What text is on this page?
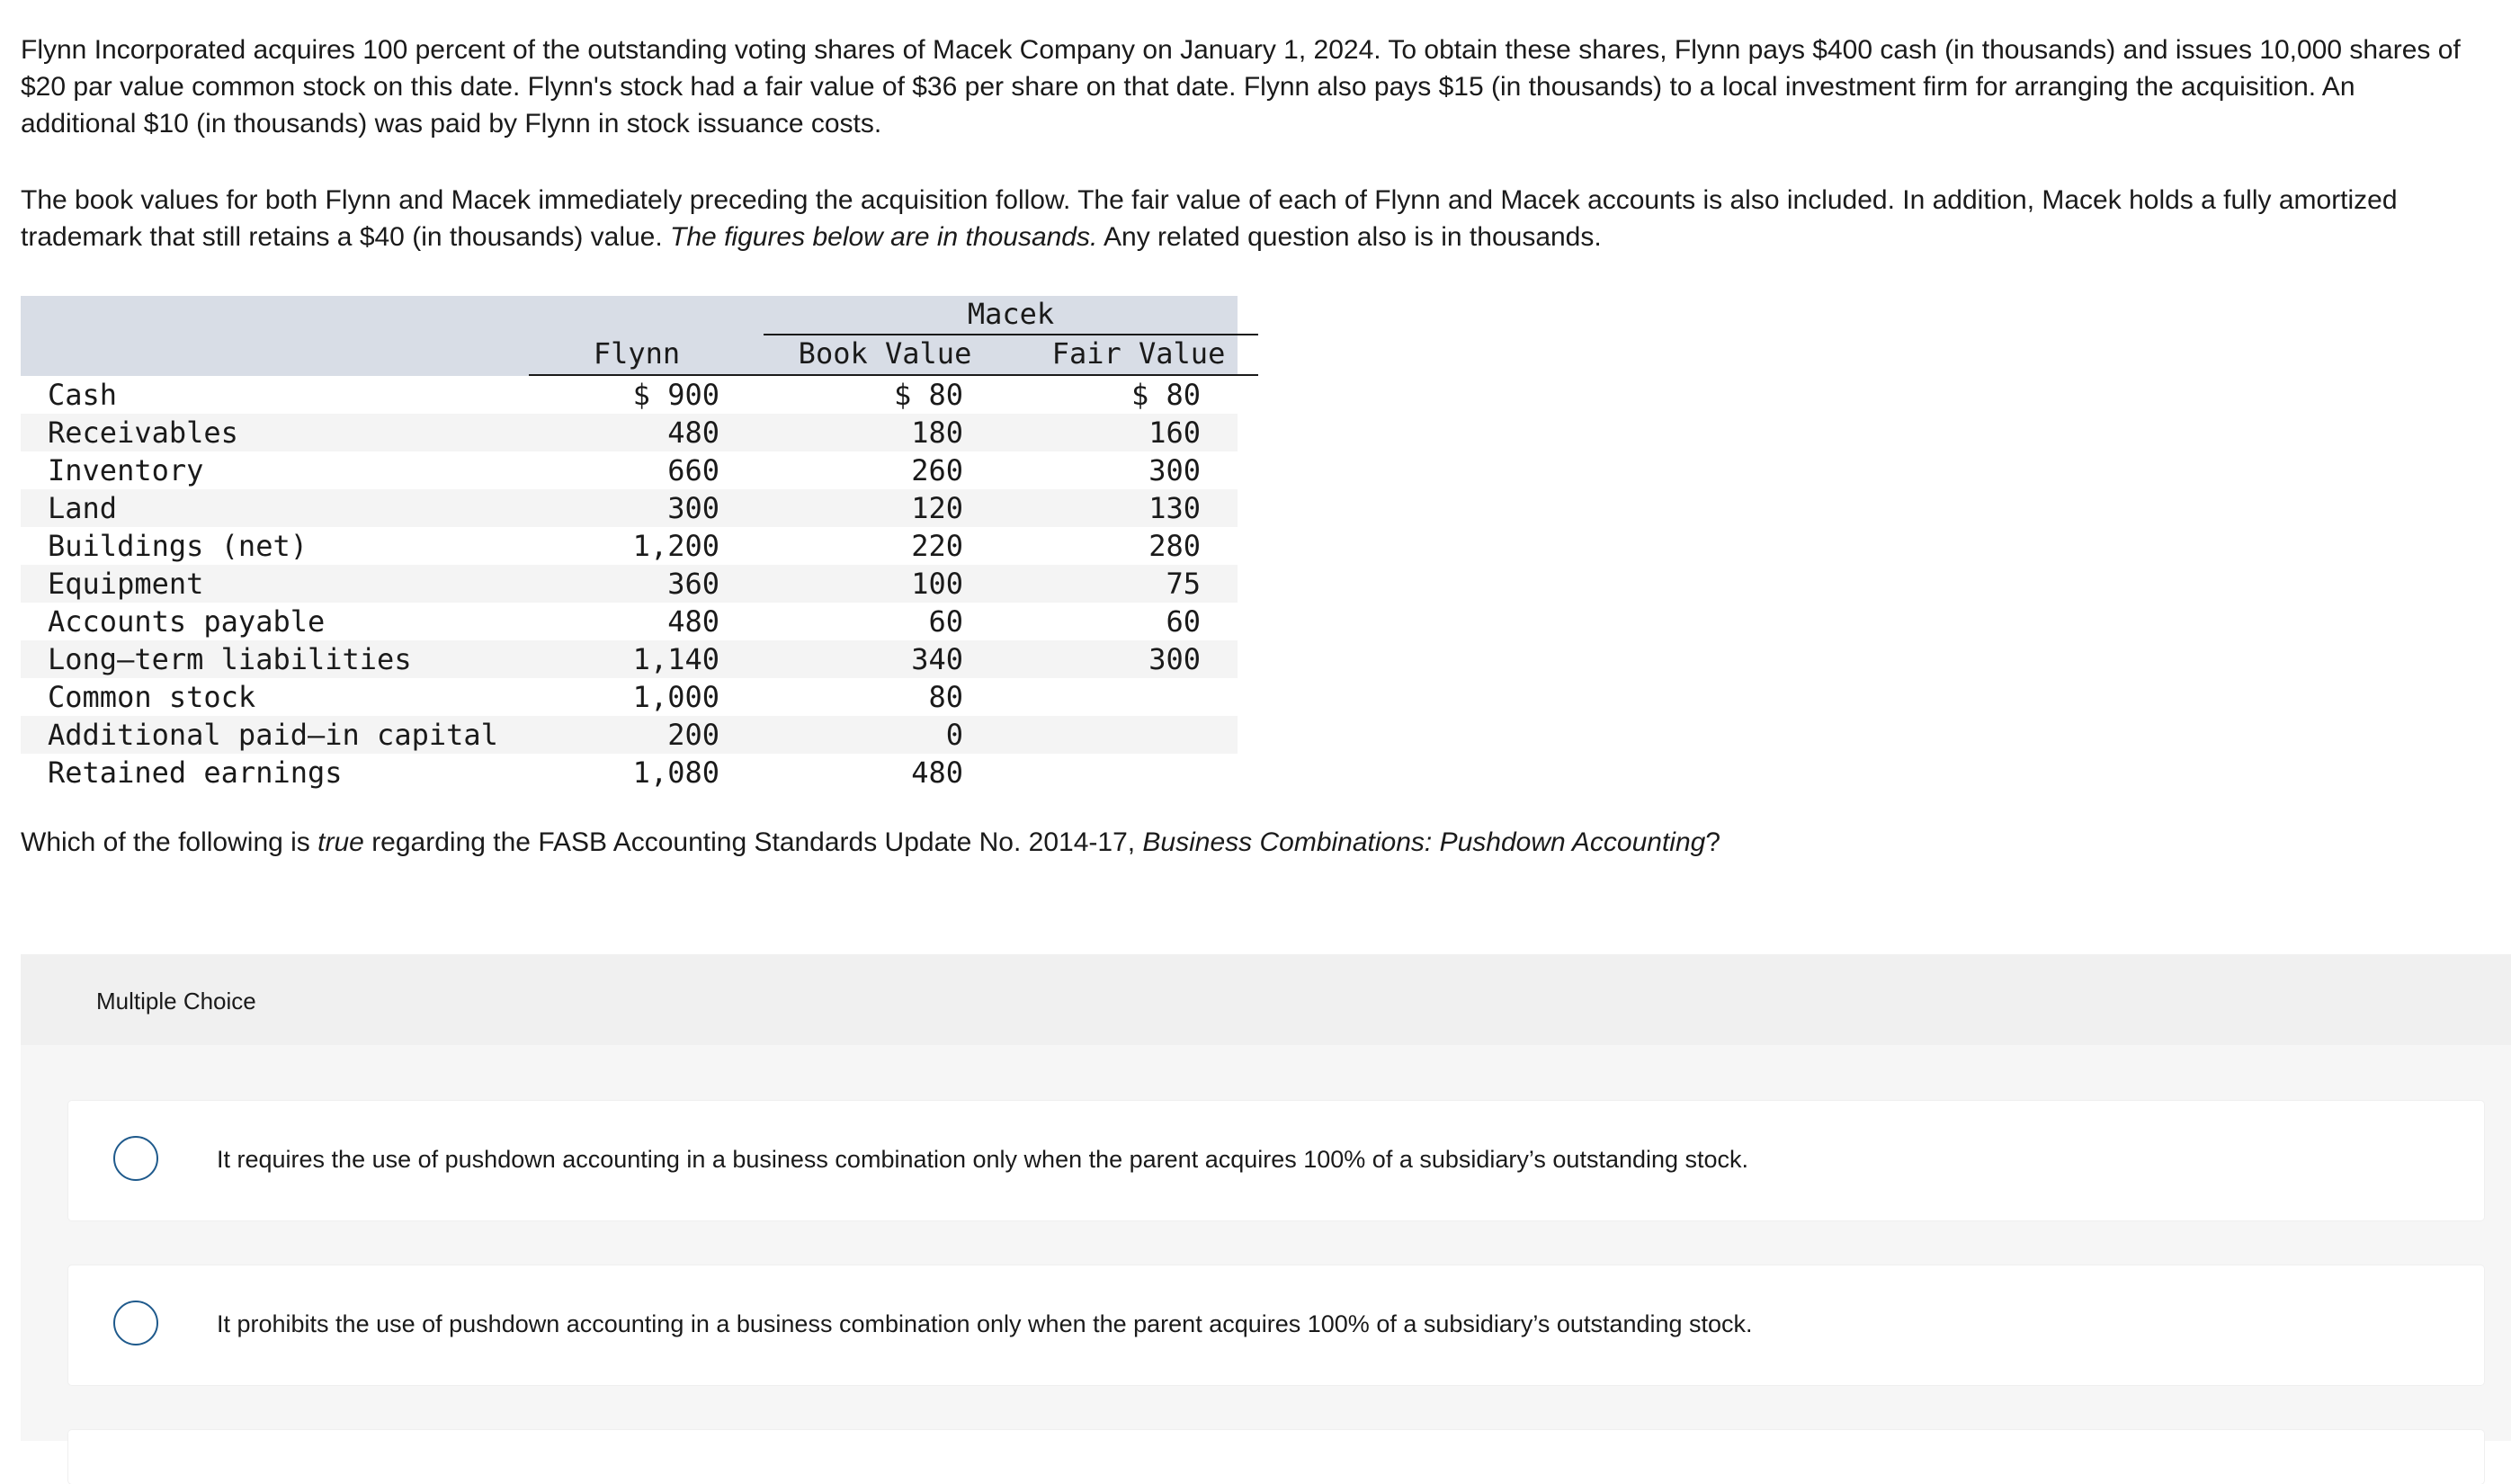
Flynn Incorporated acquires 100 percent of the outstanding voting shares of Macek Company on January 1, 2024. To obtain these shares, Flynn pays $400 cash (in thousands) and issues 10,000 shares of $20 par value common stock on this date. Flynn's stock had a fair value of $36 per share on that date. Flynn also pays $15 (in thousands) to a local investment firm for arranging the acquisition. An additional $10 (in thousands) was paid by Flynn in stock issuance costs.

The book values for both Flynn and Macek immediately preceding the acquisition follow. The fair value of each of Flynn and Macek accounts is also included. In addition, Macek holds a fully amortized trademark that still retains a $40 (in thousands) value. The figures below are in thousands. Any related question also is in thousands.

Macek
Flynn	Book Value	Fair Value
Cash	$ 900	$ 80	$ 80
Receivables	480	180	160
Inventory	660	260	300
Land	300	120	130
Buildings (net)	1,200	220	280
Equipment	360	100	75
Accounts payable	480	60	60
Long–term liabilities	1,140	340	300
Common stock	1,000	80
Additional paid–in capital	200	0
Retained earnings	1,080	480

Which of the following is true regarding the FASB Accounting Standards Update No. 2014-17, Business Combinations: Pushdown Accounting?

Multiple Choice
It requires the use of pushdown accounting in a business combination only when the parent acquires 100% of a subsidiary’s outstanding stock.
It prohibits the use of pushdown accounting in a business combination only when the parent acquires 100% of a subsidiary’s outstanding stock.
